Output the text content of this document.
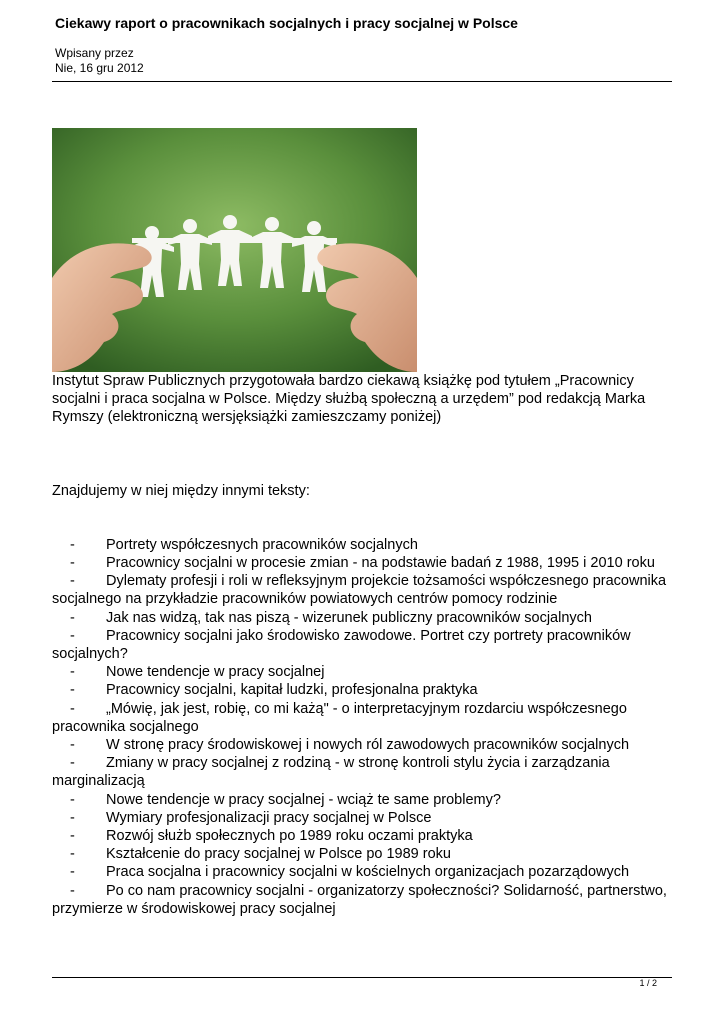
Ciekawy raport o pracownikach socjalnych i pracy socjalnej w Polsce
Wpisany przez
Nie, 16 gru 2012

Instytut Spraw Publicznych przygotowała bardzo ciekawą książkę pod tytułem „Pracownicy socjalni i praca socjalna w Polsce. Między służbą społeczną a urzędem” pod redakcją Marka Rymszy (elektroniczną wersjęksiążki zamieszczamy poniżej)

Znajdujemy w niej między innymi teksty:

- Portrety współczesnych pracowników socjalnych
- Pracownicy socjalni w procesie zmian - na podstawie badań z 1988, 1995 i 2010 roku
- Dylematy profesji i roli w refleksyjnym projekcie tożsamości współczesnego pracownika socjalnego na przykładzie pracowników powiatowych centrów pomocy rodzinie
- Jak nas widzą, tak nas piszą - wizerunek publiczny pracowników socjalnych
- Pracownicy socjalni jako środowisko zawodowe. Portret czy portrety pracowników socjalnych?
- Nowe tendencje w pracy socjalnej
- Pracownicy socjalni, kapitał ludzki, profesjonalna praktyka
- „Mówię, jak jest, robię, co mi każą" - o interpretacyjnym rozdarciu współczesnego pracownika socjalnego
- W stronę pracy środowiskowej i nowych ról zawodowych pracowników socjalnych
- Zmiany w pracy socjalnej z rodziną - w stronę kontroli stylu życia i zarządzania marginalizacją
- Nowe tendencje w pracy socjalnej - wciąż te same problemy?
- Wymiary profesjonalizacji pracy socjalnej w Polsce
- Rozwój służb społecznych po 1989 roku oczami praktyka
- Kształcenie do pracy socjalnej w Polsce po 1989 roku
- Praca socjalna i pracownicy socjalni w kościelnych organizacjach pozarządowych
- Po co nam pracownicy socjalni - organizatorzy społeczności? Solidarność, partnerstwo, przymierze w środowiskowej pracy socjalnej
1 / 2
